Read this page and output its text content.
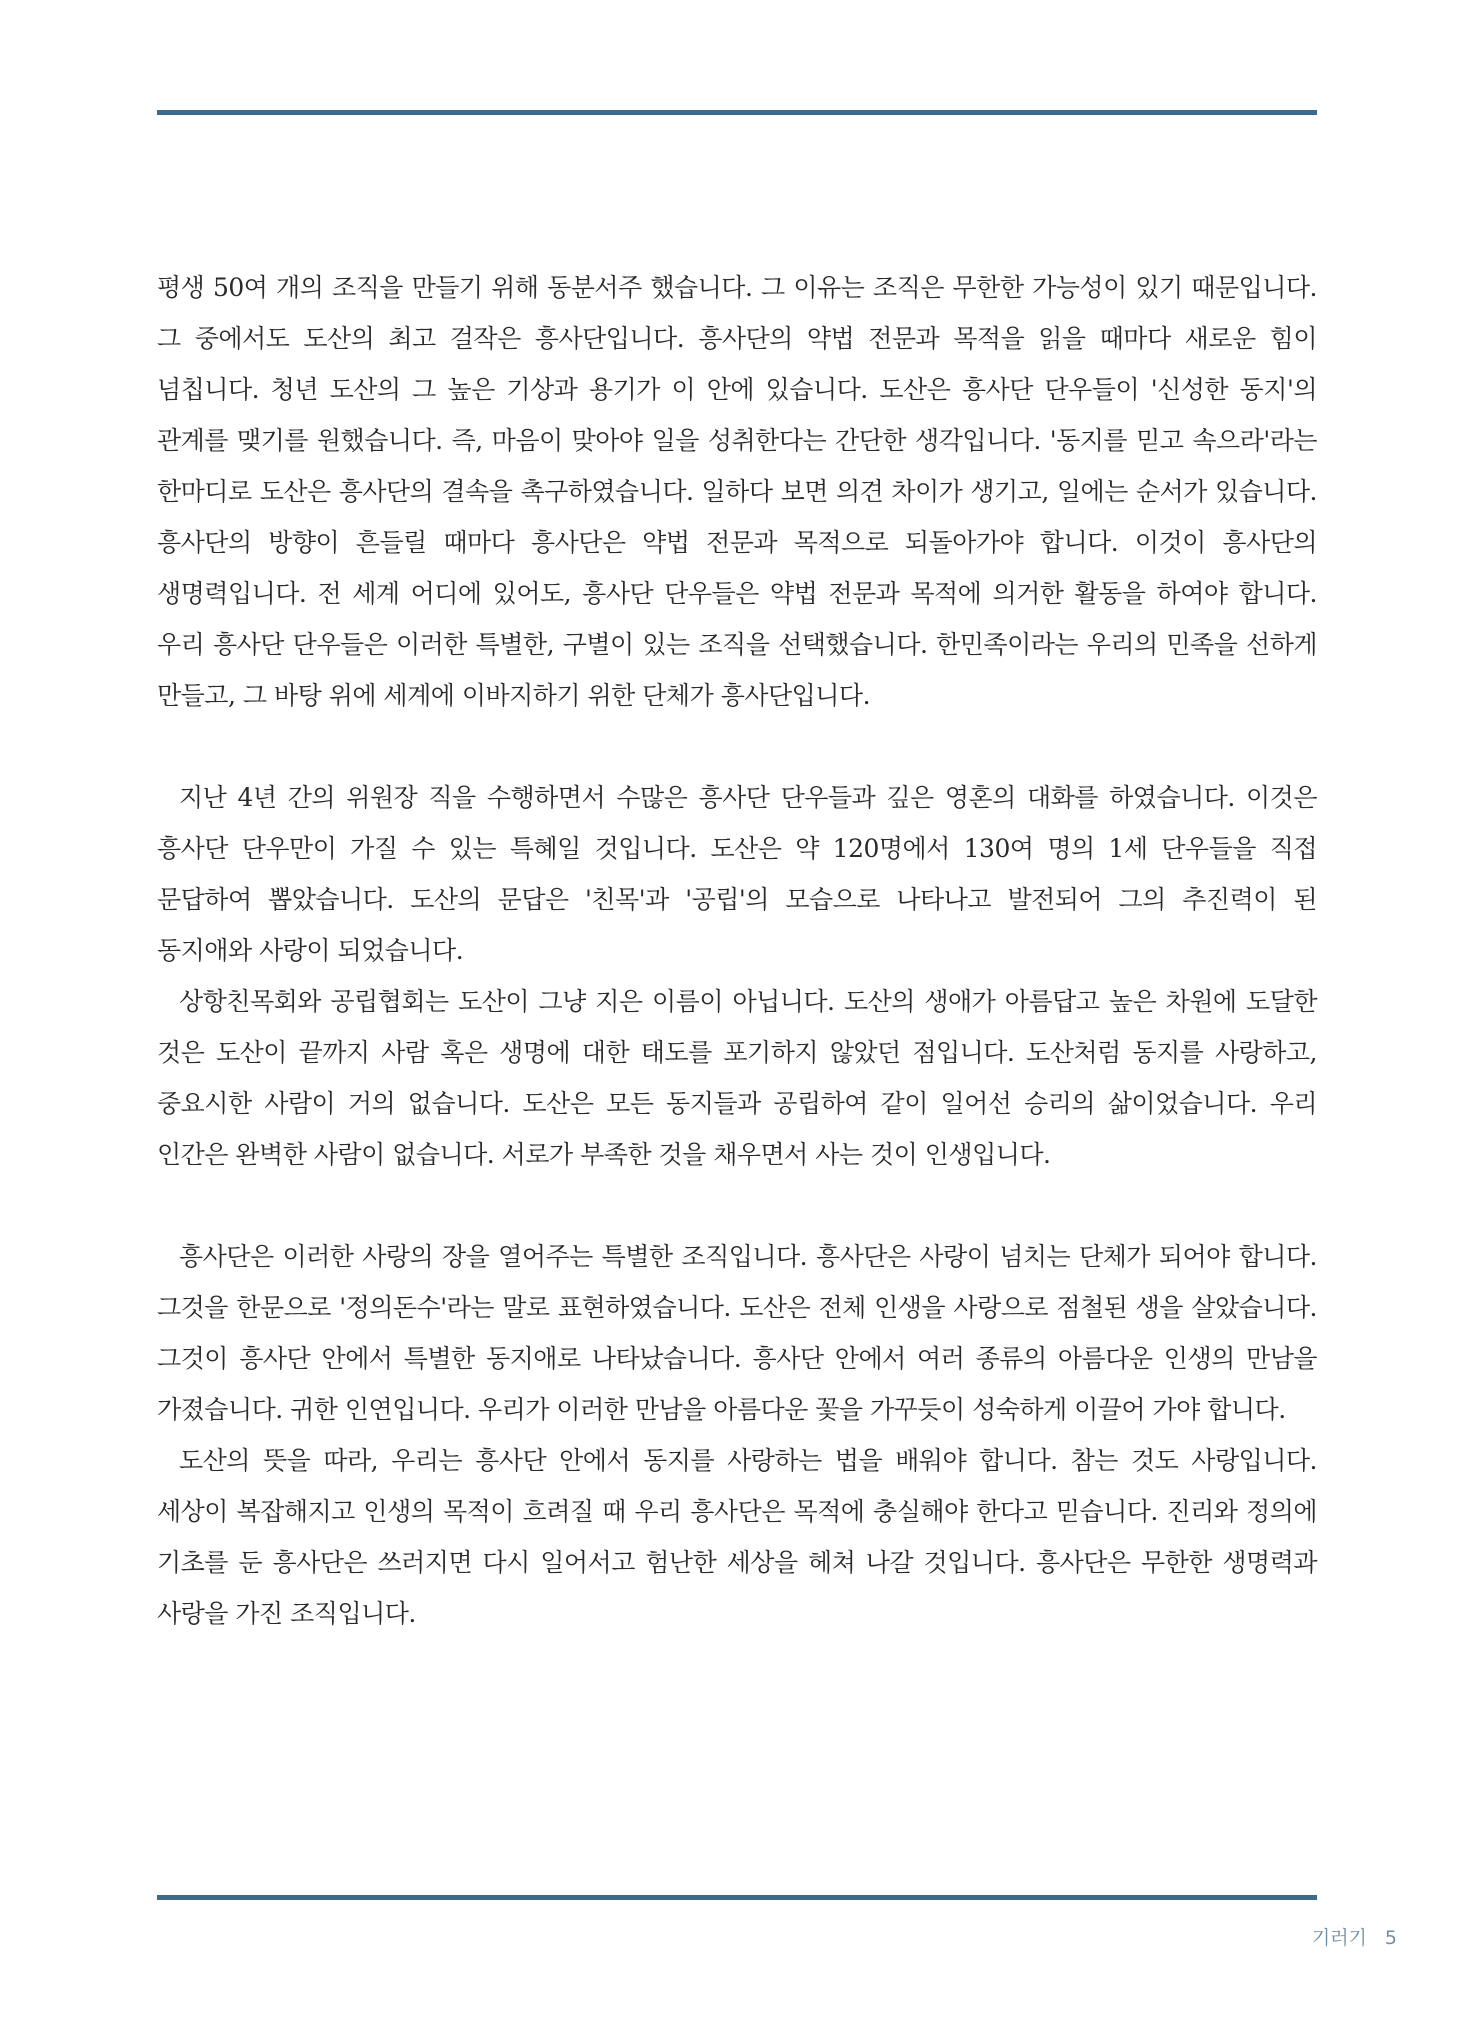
평생 50여 개의 조직을 만들기 위해 동분서주 했습니다. 그 이유는 조직은 무한한 가능성이 있기 때문입니다. 그 중에서도 도산의 최고 걸작은 흥사단입니다. 흥사단의 약법 전문과 목적을 읽을 때마다 새로운 힘이 넘칩니다. 청년 도산의 그 높은 기상과 용기가 이 안에 있습니다. 도산은 흥사단 단우들이 '신성한 동지'의 관계를 맺기를 원했습니다. 즉, 마음이 맞아야 일을 성취한다는 간단한 생각입니다. '동지를 믿고 속으라'라는 한마디로 도산은 흥사단의 결속을 촉구하였습니다. 일하다 보면 의견 차이가 생기고, 일에는 순서가 있습니다. 흥사단의 방향이 흔들릴 때마다 흥사단은 약법 전문과 목적으로 되돌아가야 합니다. 이것이 흥사단의 생명력입니다. 전 세계 어디에 있어도, 흥사단 단우들은 약법 전문과 목적에 의거한 활동을 하여야 합니다. 우리 흥사단 단우들은 이러한 특별한, 구별이 있는 조직을 선택했습니다. 한민족이라는 우리의 민족을 선하게 만들고, 그 바탕 위에 세계에 이바지하기 위한 단체가 흥사단입니다.

지난 4년 간의 위원장 직을 수행하면서 수많은 흥사단 단우들과 깊은 영혼의 대화를 하였습니다. 이것은 흥사단 단우만이 가질 수 있는 특혜일 것입니다. 도산은 약 120명에서 130여 명의 1세 단우들을 직접 문답하여 뽑았습니다. 도산의 문답은 '친목'과 '공립'의 모습으로 나타나고 발전되어 그의 추진력이 된 동지애와 사랑이 되었습니다.

상항친목회와 공립협회는 도산이 그냥 지은 이름이 아닙니다. 도산의 생애가 아름답고 높은 차원에 도달한 것은 도산이 끝까지 사람 혹은 생명에 대한 태도를 포기하지 않았던 점입니다. 도산처럼 동지를 사랑하고, 중요시한 사람이 거의 없습니다. 도산은 모든 동지들과 공립하여 같이 일어선 승리의 삶이었습니다. 우리 인간은 완벽한 사람이 없습니다. 서로가 부족한 것을 채우면서 사는 것이 인생입니다.

흥사단은 이러한 사랑의 장을 열어주는 특별한 조직입니다. 흥사단은 사랑이 넘치는 단체가 되어야 합니다. 그것을 한문으로 '정의돈수'라는 말로 표현하였습니다. 도산은 전체 인생을 사랑으로 점철된 생을 살았습니다. 그것이 흥사단 안에서 특별한 동지애로 나타났습니다. 흥사단 안에서 여러 종류의 아름다운 인생의 만남을 가졌습니다. 귀한 인연입니다. 우리가 이러한 만남을 아름다운 꽃을 가꾸듯이 성숙하게 이끌어 가야 합니다.

도산의 뜻을 따라, 우리는 흥사단 안에서 동지를 사랑하는 법을 배워야 합니다. 참는 것도 사랑입니다. 세상이 복잡해지고 인생의 목적이 흐려질 때 우리 흥사단은 목적에 충실해야 한다고 믿습니다. 진리와 정의에 기초를 둔 흥사단은 쓰러지면 다시 일어서고 험난한 세상을 헤쳐 나갈 것입니다. 흥사단은 무한한 생명력과 사랑을 가진 조직입니다.

기러기 5
